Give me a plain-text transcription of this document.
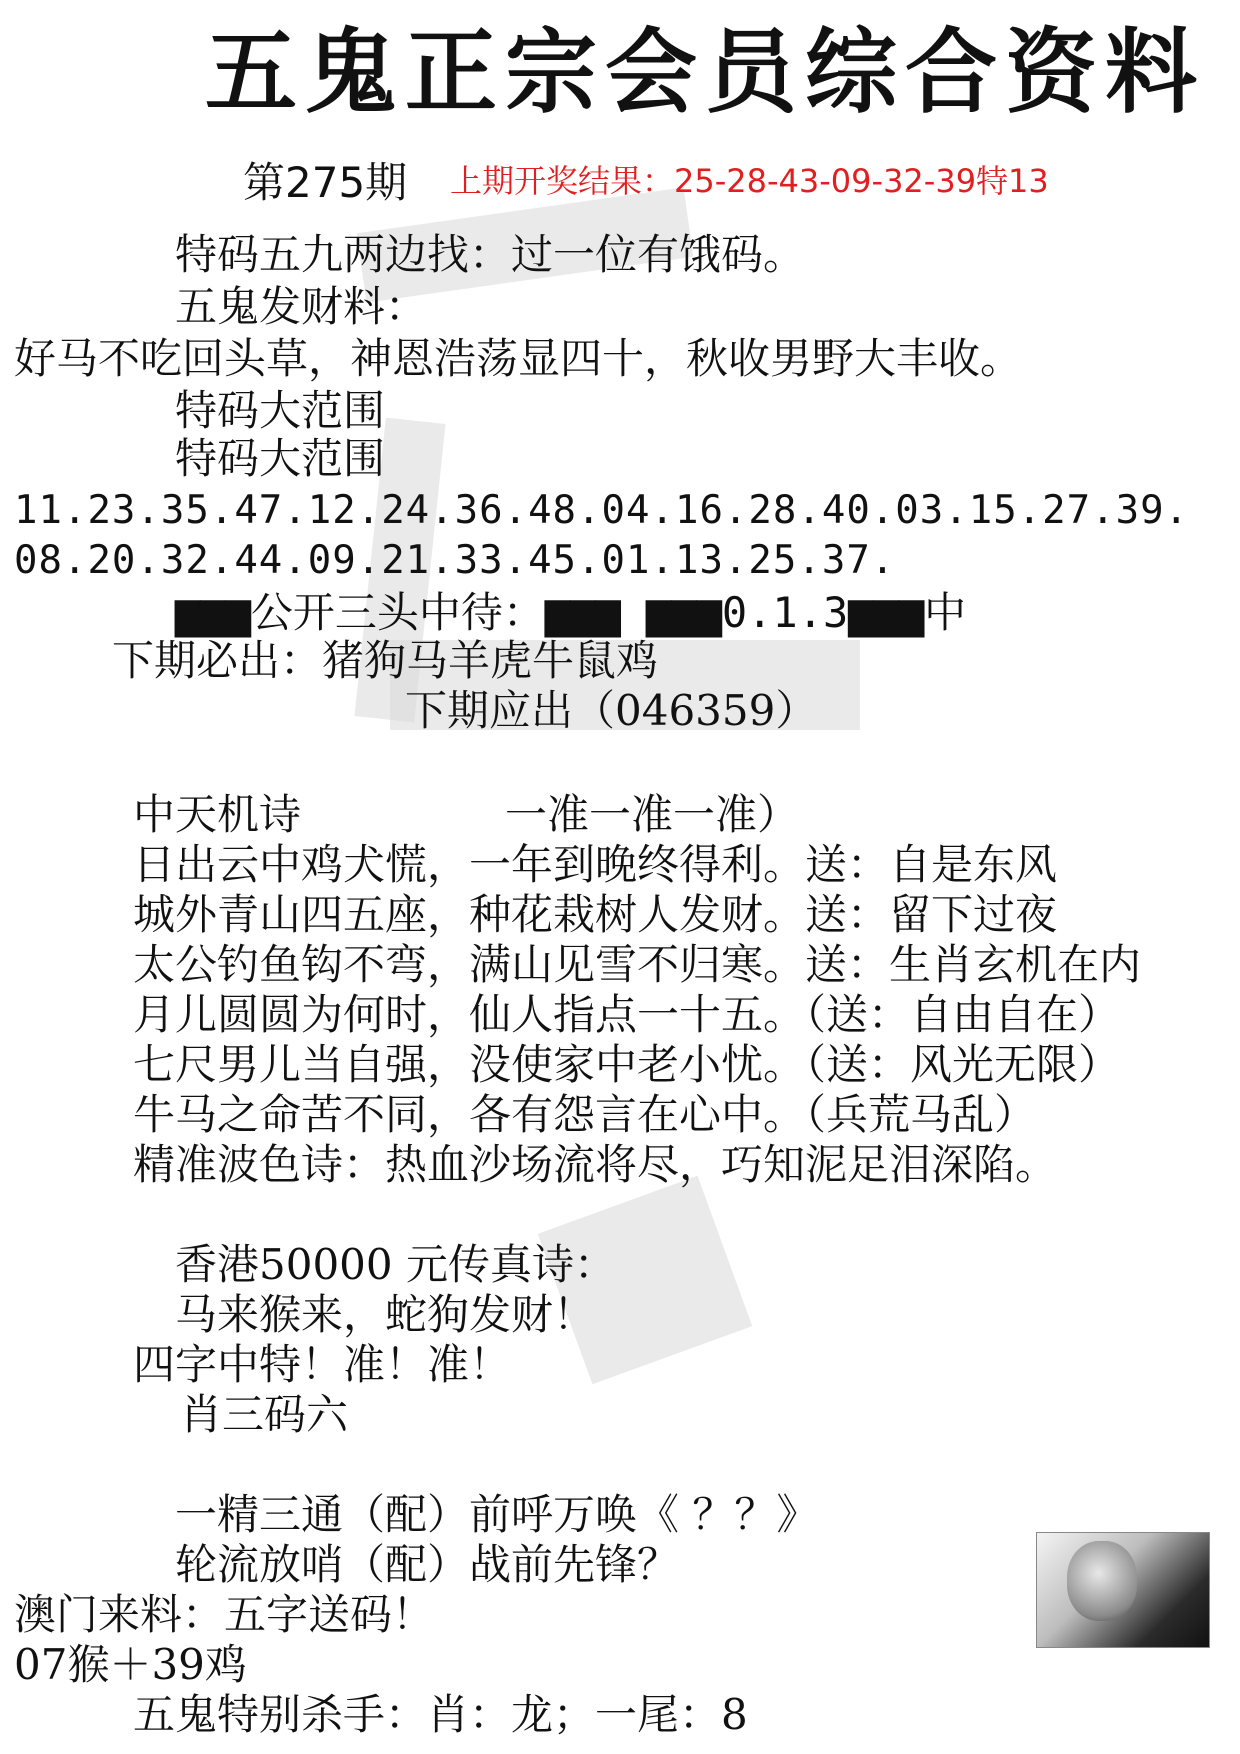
五鬼正宗会员综合资料
第275期 上期开奖结果：25-28-43-09-32-39特13
特码五九两边找：过一位有饿码。
五鬼发财料：
好马不吃回头草，神恩浩荡显四十，秋收男野大丰收。
特码大范围
特码大范围
11.23.35.47.12.24.36.48.04.16.28.40.03.15.27.39.
08.20.32.44.09.21.33.45.01.13.25.37.
▆▆▆公开三头中待：▆▆▆ ▆▆▆0.1.3▆▆▆中
下期必出：猪狗马羊虎牛鼠鸡
下期应出（046359）
中天机诗	一准一准一准）
日出云中鸡犬慌，一年到晚终得利。送：自是东风
城外青山四五座，种花栽树人发财。送：留下过夜
太公钓鱼钩不弯，满山见雪不归寒。送：生肖玄机在内
月儿圆圆为何时，仙人指点一十五。（送：自由自在）
七尺男儿当自强，没使家中老小忧。（送：风光无限）
牛马之命苦不同，各有怨言在心中。（兵荒马乱）
精准波色诗：热血沙场流将尽，巧知泥足泪深陷。
香港50000 元传真诗：
马来猴来，蛇狗发财！
四字中特！准！准！
肖三码六
一精三通（配）前呼万唤《 ？？》
轮流放哨（配）战前先锋？
澳门来料：五字送码！
07猴＋39鸡
五鬼特别杀手：肖：龙；一尾：8
